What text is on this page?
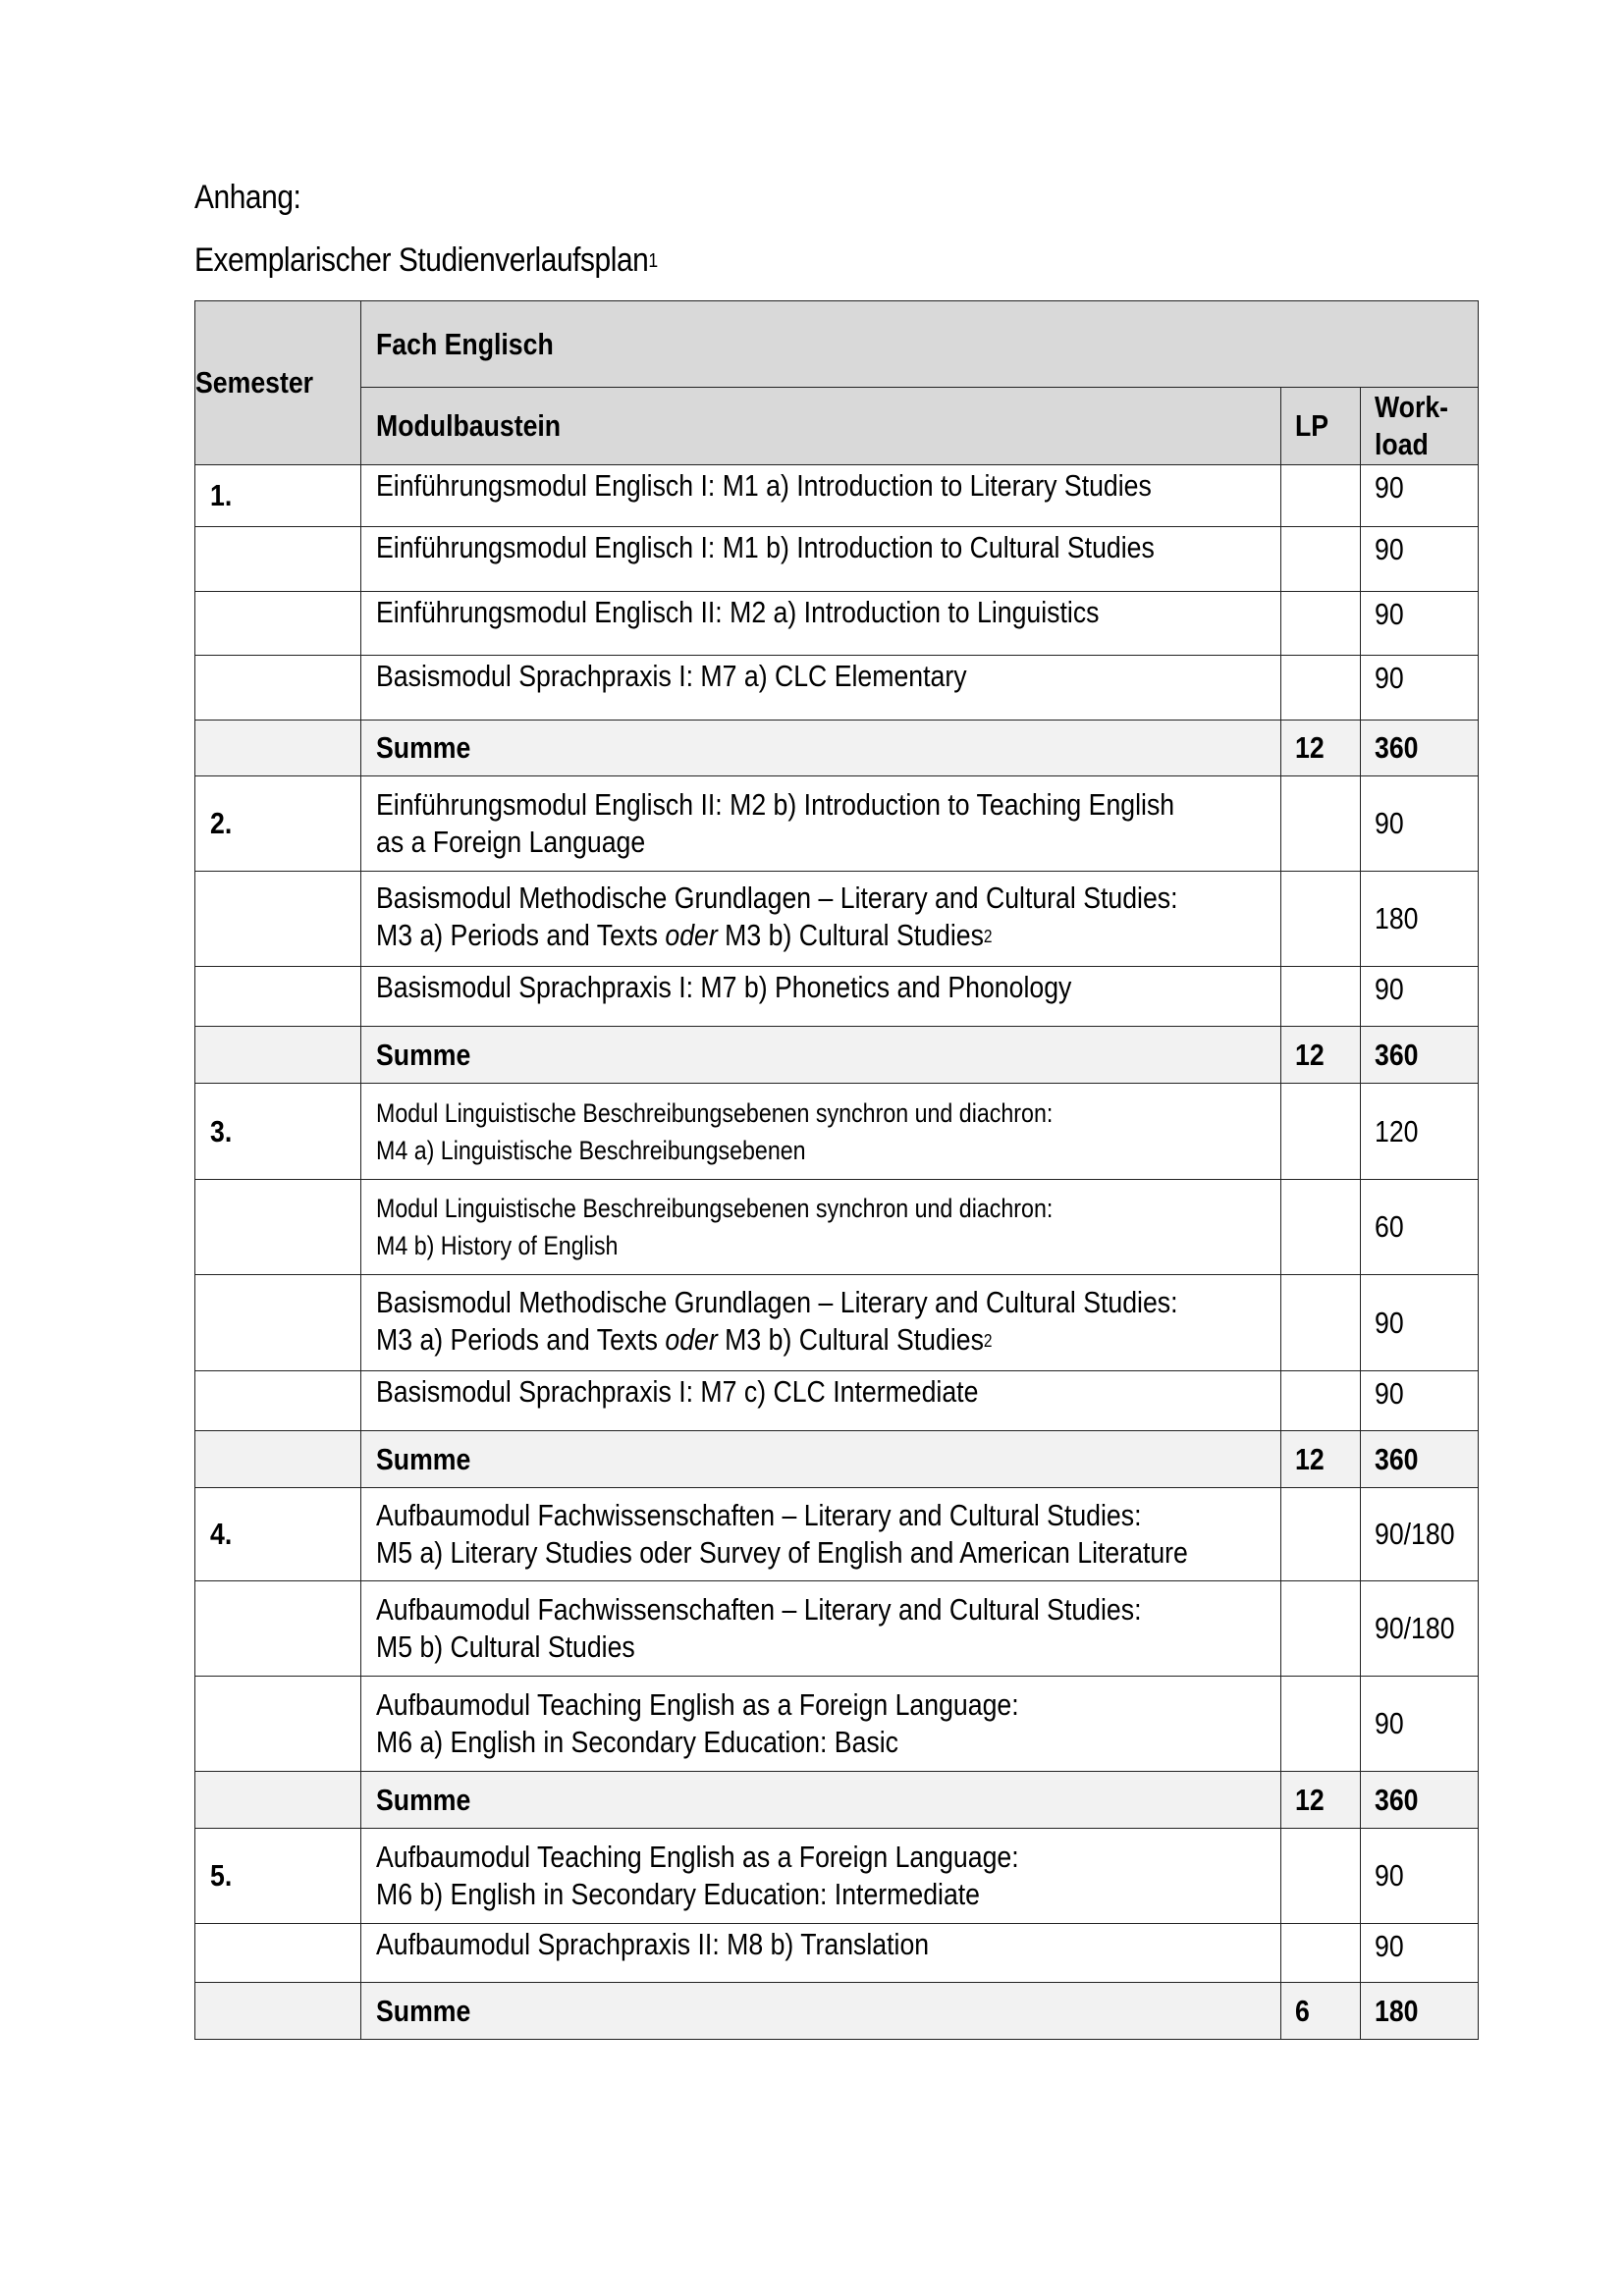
Anhang:
Exemplarischer Studienverlaufsplan$^1$
Semester	Fach Englisch		

	Modulbaustein	LP	Work-
load

1.	Einführungsmodul Englisch I: M1 a) Introduction to Literary Studies		90

	Einführungsmodul Englisch I: M1 b) Introduction to Cultural Studies		90

	Einführungsmodul Englisch II: M2 a) Introduction to Linguistics		90

	Basismodul Sprachpraxis I: M7 a) CLC Elementary		90

	Summe	12	360

2.	Einführungsmodul Englisch II: M2 b) Introduction to Teaching English
as a Foreign Language		90

	Basismodul Methodische Grundlagen – Literary and Cultural Studies:
M3 a) Periods and Texts oder M3 b) Cultural Studies$^2$		180

	Basismodul Sprachpraxis I: M7 b) Phonetics and Phonology		90

	Summe	12	360

3.	Modul Linguistische Beschreibungsebenen synchron und diachron:
M4 a) Linguistische Beschreibungsebenen		120

	Modul Linguistische Beschreibungsebenen synchron und diachron:
M4 b) History of English		60

	Basismodul Methodische Grundlagen – Literary and Cultural Studies:
M3 a) Periods and Texts oder M3 b) Cultural Studies$^2$		90

	Basismodul Sprachpraxis I: M7 c) CLC Intermediate		90

	Summe	12	360

4.	Aufbaumodul Fachwissenschaften – Literary and Cultural Studies:
M5 a) Literary Studies oder Survey of English and American Literature		90/180

	Aufbaumodul Fachwissenschaften – Literary and Cultural Studies:
M5 b) Cultural Studies		90/180

	Aufbaumodul Teaching English as a Foreign Language:
M6 a) English in Secondary Education: Basic		90

	Summe	12	360

5.	Aufbaumodul Teaching English as a Foreign Language:
M6 b) English in Secondary Education: Intermediate		90

	Aufbaumodul Sprachpraxis II: M8 b) Translation		90

	Summe	6	180
